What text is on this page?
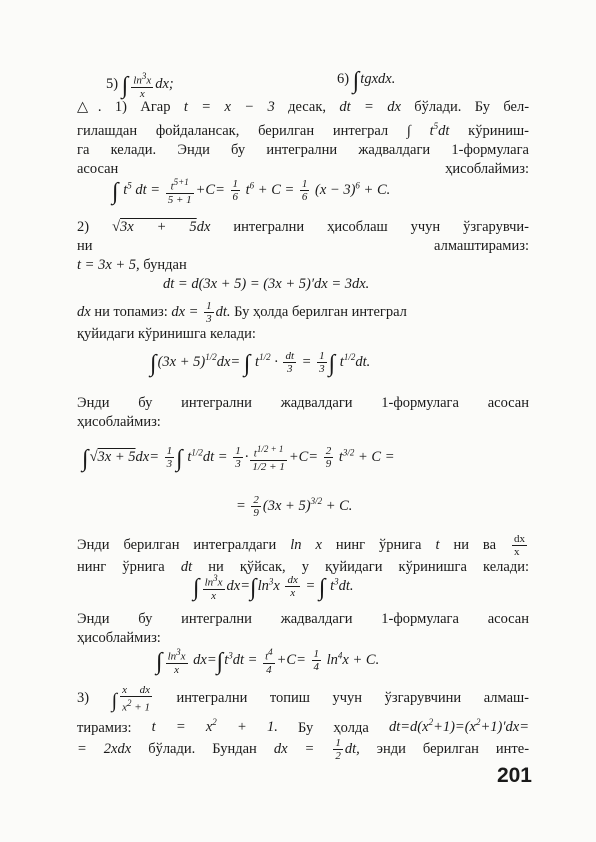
5) ∫ $\frac{\ln^3x}{x}$ dx;	6) ∫tgxdx.
△. 1) Агар t = x − 3 десак, dt = dx бўлади. Бу бел-
гилашдан фойдалансак, берилган интеграл ∫ $t^5dt$ кўриниш-
га келади. Энди бу интегрални жадвалдаги 1-формулага
асосан ҳисоблаймиз:
∫ $t^5$ dt = $\frac{t^{5+1}}{5 + 1} +C= \frac{1}{6} t^6 + C = \frac{1}{6} (x - 3)^6 + C$.
2) √3x + 5dx интегрални ҳисоблаш учун ўзгарувчи-
ни алмаштирамиз:
t = 3x + 5, бундан
dt = d(3x + 5) = (3x + 5)′dx = 3dx.
dx ни топамиз: dx = $\frac{1}{3}$ dt. Бу ҳолда берилган интеграл
қуйидаги кўринишга келади:
$\int(3x + 5)^{1/2}dx=$ ∫ $t^{1/2} \cdot \frac{dt}{3} = \frac{1}{3}$ ∫ $t^{1/2}dt$.
Энди бу интегрални жадвалдаги 1-формулага асосан
ҳисоблаймиз:
$\int√3x + 5dx= \frac{1}{3}$ ∫ $t^{1/2}dt = \frac{1}{3} \cdot \frac{t^{1/2 + 1}}{1/2 + 1} +C= \frac{2}{9} t^{3/2} + C$ =
= $\frac{2}{9} (3x + 5)^{3/2} + C$.
Энди берилган интегралдаги ln x нинг ўрнига t ни ва $\frac{dx}{x}$

нинг ўрнига dt ни қўйсак, у қуйидаги кўринишга келади:
∫ $\frac{\ln^3x}{x} dx=\int\ln^3x \frac{dx}{x}$ = ∫ $t^3dt$.
Энди бу интегрални жадвалдаги 1-формулага асосан
ҳисоблаймиз:
∫ $\frac{\ln^3x}{x} dx=\int t^3dt = \frac{t^4}{4} +C= \frac{1}{4} \ln^4x + C$.
3) ∫ $\frac{\text{x dx}}{x^2 + 1}$ интегрални топиш учун ўзгарувчини алмаш-
тирамиз: $t = x^2 + 1$. Бу ҳолда $dt=d(x^2+1)=(x^2+1)'dx=$
= 2xdx бўлади. Бундан dx = $\frac{1}{2}$ dt, энди берилган инте-
201
